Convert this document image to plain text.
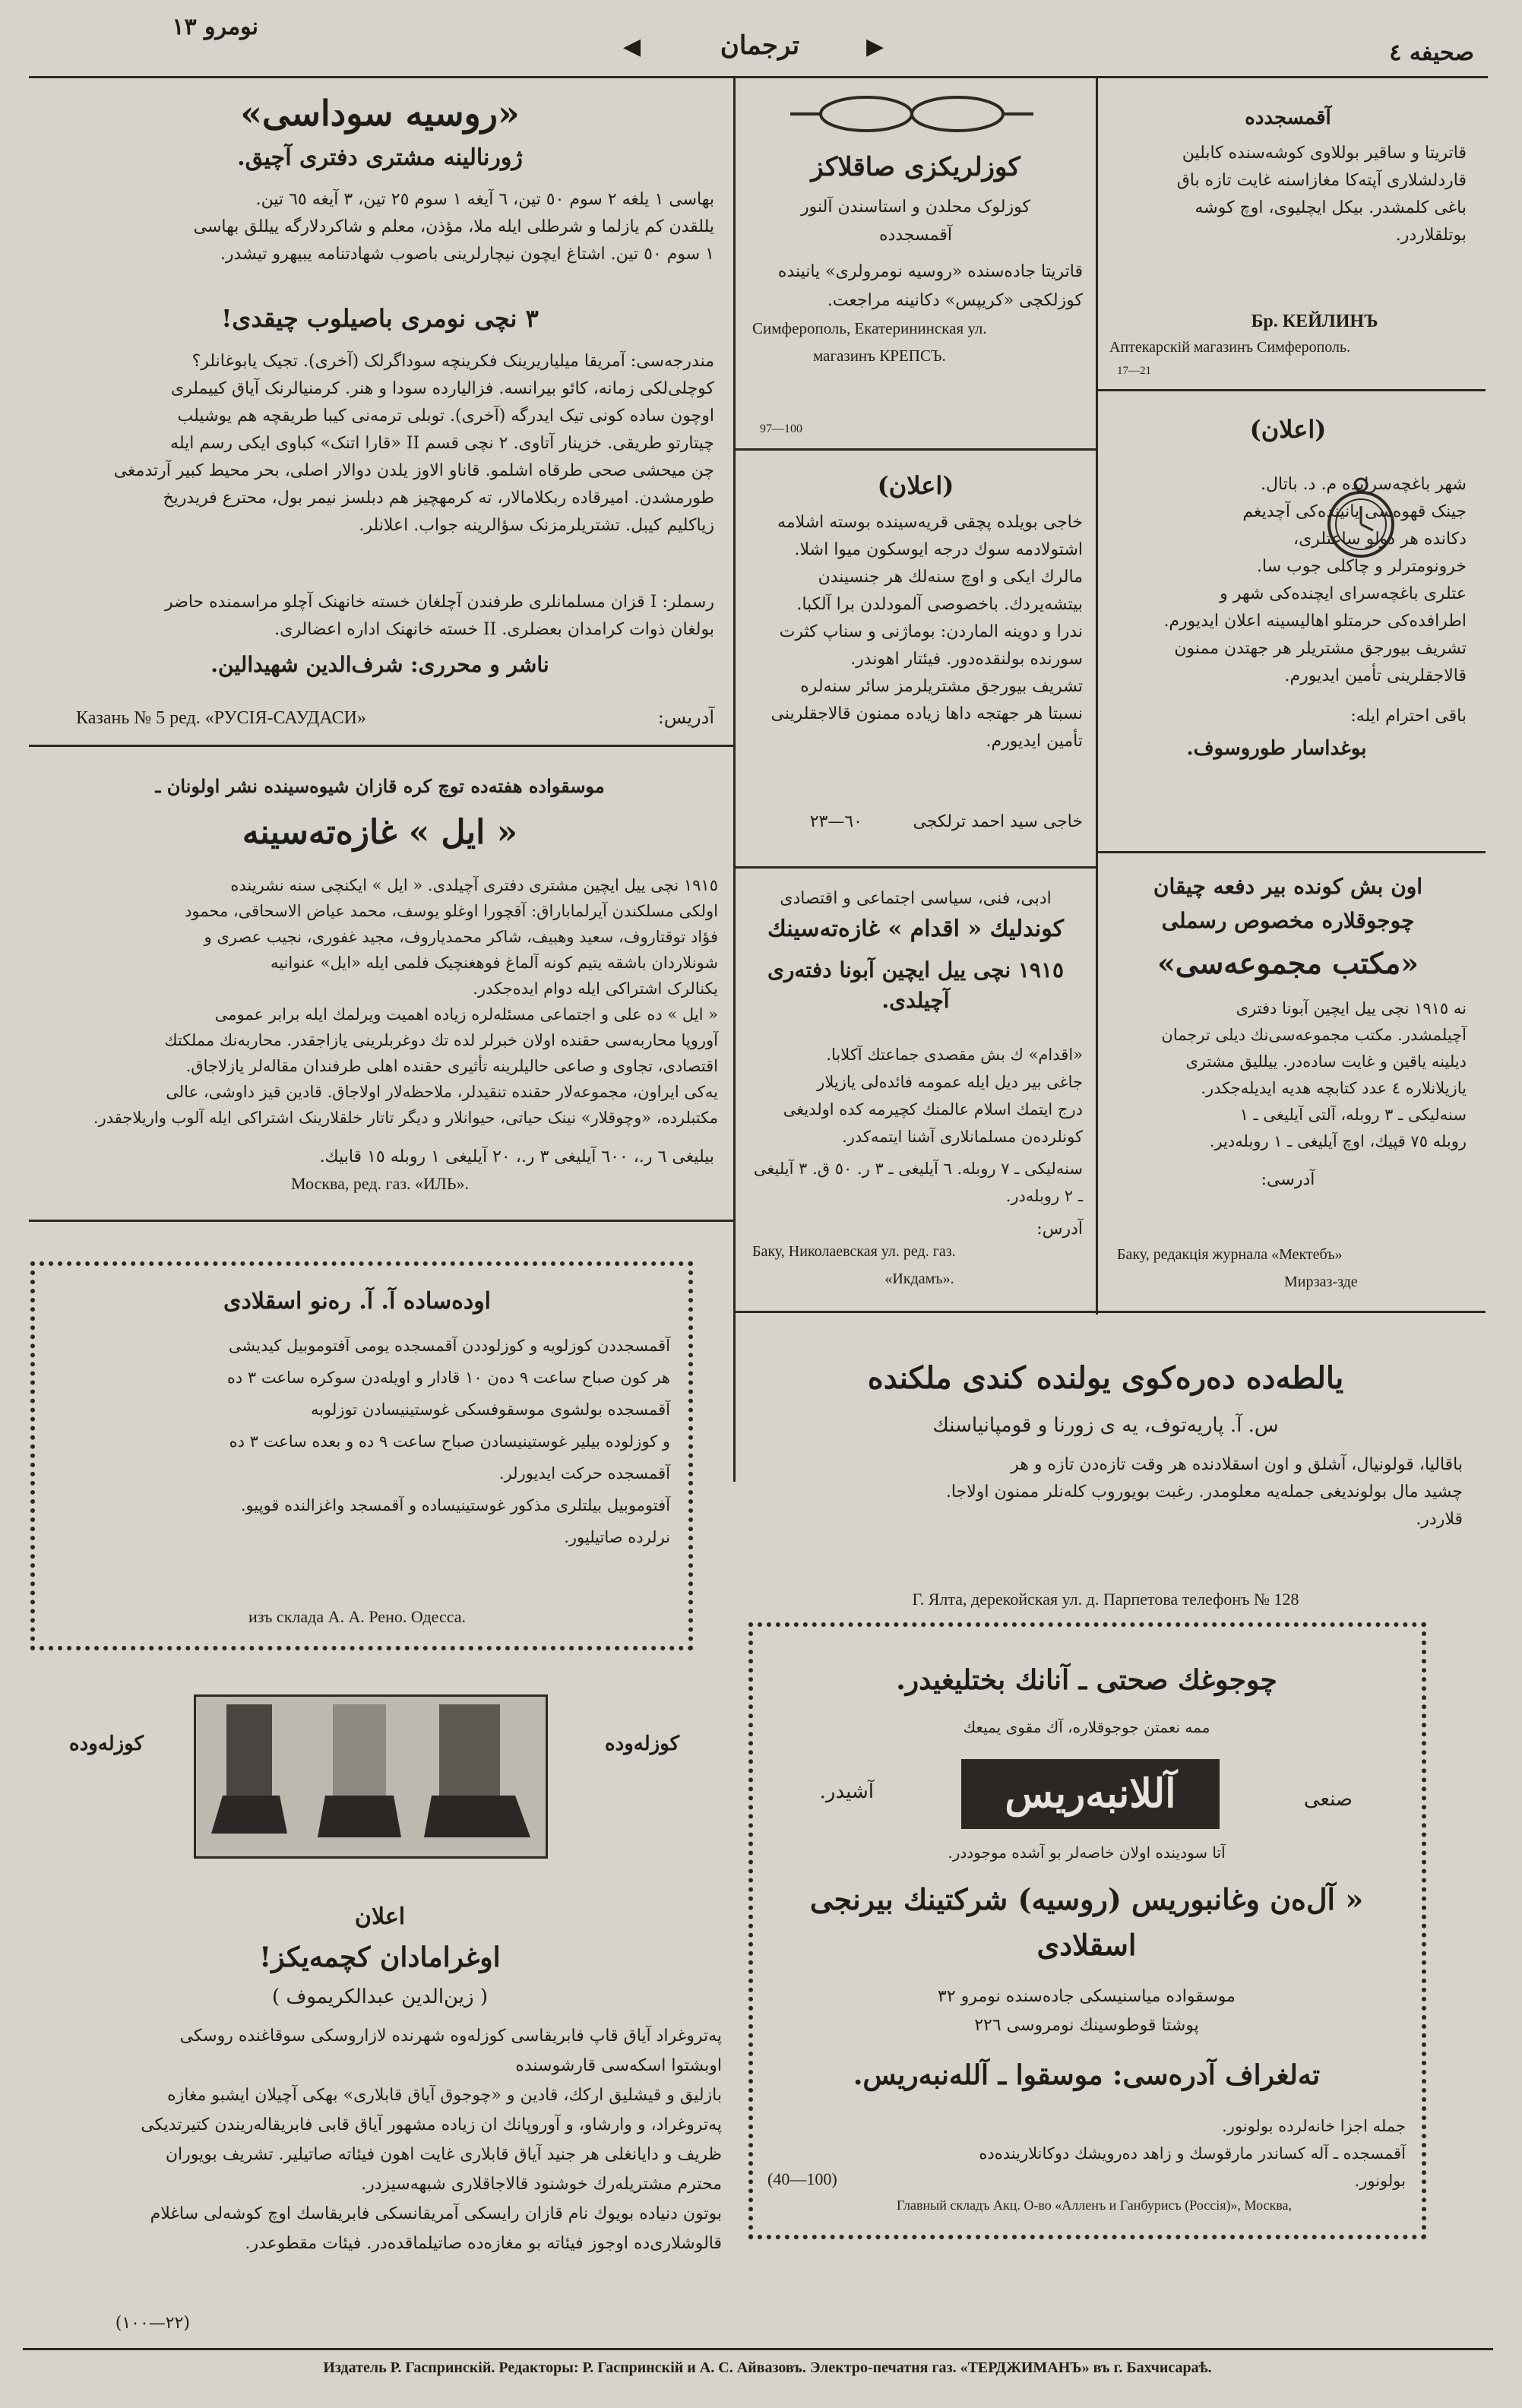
صحیفه ٤
ترجمان
◀	▶
نومرو ١٣
«روسیه سوداسی»
ژورنالینه مشتری دفتری آچیق.
بهاسی ١ یلغه ٢ سوم ٥٠ تین، ٦ آیغه ١ سوم ٢٥ تین، ٣ آیغه ٦٥ تین.
یللقدن کم یازلما و شرطلی ایله ملا، مؤذن، معلم و شاکردلارگه ییللق بهاسی
١ سوم ٥٠ تین. اشتاغ ایچون نیچارلرینی باصوب شهادتنامه یبیهرو تیشدر.
٣ نچی نومری باصیلوب چیقدی!
مندرجه‌سی: آمریقا میلیاریرینک فکرینچه سوداگرلک (آخری). تجیک یابوغانلر؟
کوچلی‌لکی زمانه، کائو بیرانسه. فزالیارده سودا و هنر. کرمنیالرنک آیاق کییملری
اوچون ساده کونی تیک ایدرگه (آخری). توبلی ترمه‌نی کیبا طریقچه هم یوشیلب
چیتارتو طریقی. خزینار آتاوی. ٢ نچی قسم II «قارا اتنک» کباوی ایکی رسم ایله
چن میحشی صحی طرقاه اشلمو. قاناو الاوز یلدن دوالار اصلی، بحر محیط کبیر آرتدمغی
طورمشدن. امیرقاده ربکلامالار، ته کرمهچیز هم دبلسز نیمر بول، محترع فریدریخ
زیاکلیم کیبل. تشتریلرمزنک سؤالرینه جواب. اعلانلر.
رسملر: I قزان مسلمانلری طرفندن آچلغان خسته خانهنک آچلو مراسمنده حاضر
بولغان ذوات کرامدان بعضلری. II خسته خانهنک اداره اعضالری.
ناشر و محرری: شرف‌الدین شهیدالین.
آدریس:
Казань № 5 ред. «РУСІЯ-САУДАСИ»
کوزلریکزی صاقلاکز
کوزلوک محلدن و استاسندن آلنور
آقمسجدده
قاتریتا جاده‌سنده «روسیه نومرولری» یانینده
کوزلکچی «کریپس» دکانینه مراجعت.
Симферополь, Екатерининская ул.
магазинъ КРЕПСЪ.
97—100
آقمسجدده
قاتریتا و ساقیر بوللاوی کوشه‌سنده کابلین
قاردلشلاری آپته‌کا مغازاسنه غایت تازه باق
باغی کلمشدر. بیکل ایچلیوی، اوچ کوشه
بوتلقلاردر.
Бр. КЕЙЛИНЪ
Аптекарскій магазинъ Симферополь.
17—21
(اعلان)
شهر باغچه‌سرایده م. د. باتال.
جینک قهوه‌سی یانینده‌کی آچدیغم
دکانده هر دولو ساعتلری،
خرونومترلر و چاکلی جوب سا.
عتلری باغچه‌سرای ایچنده‌کی شهر و
اطرافده‌کی حرمتلو اهالیسینه اعلان ایدیورم.
تشریف بیورجق مشتریلر هر جهتدن ممنون
قالاجقلرینی تأمین ایدیورم.
باقی احترام ایله:
بوغداسار طوروسوف.
(اعلان)
خاجی بویلده پچقی قریه‌سینده بوسته اشلامه
اشتولادمه سوك درجه ایوسکون میوا اشلا.
مالرك ایکی و اوچ سنه‌لك هر جنسیندن
بیتشه‌یردك. باخصوصی آلمودلدن برا آلکبا.
ندرا و دوینه الماردن: بوماژنی و سناپ کثرت
سورنده بولنقده‌دور. فیئتار اهوندر.
تشریف بیورجق مشتریلرمز سائر سنه‌لره
نسبتا هر جهتجه داها زیاده ممنون قالاجقلرینی
تأمین ایدیورم.
خاجی سید احمد ترلکجی
٦٠—٢٣
موسقواده هفته‌ده توچ کره قازان شیوه‌سینده نشر اولونان ـ
« ایل » غازه‌ته‌سینه
١٩١٥ نچی ییل ایچین مشتری دفتری آچیلدی. « ایل » ایکنچی سنه نشرینده
اولکی مسلکندن آیرلماباراق: آقچورا اوغلو یوسف، محمد عیاض الاسحاقی، محمود
فؤاد توقتاروف، سعید وهبیف، شاکر محمدیاروف، مجید غفوری، نجیب عصری و
شونلاردان باشقه یتیم کونه آلماغ فوهغنچیک فلمی ایله «ایل» عنوانیه
یکنالرک اشتراکی ایله دوام ایده‌جکدر.
« ایل » ده علی و اجتماعی مسئله‌لره زیاده اهمیت ویرلمك ایله برابر عمومی
آوروپا محاربه‌سی حقنده اولان خبرلر لده تك دوغربلرینی یازاجقدر. محاربه‌نك مملکتك
اقتصادی، تجاوی ﻭ صاعی حالیلرینه تأثیری حقنده اهلی طرفندان مقاله‌لر یازلاجاق.
یه‌کی ایراون، مجموعه‌لار حقنده تنقیدلر، ملاحظه‌لار اولاجاق. قادین قیز داوشی، عالی
مکتبلرده، «وچوقلار» نینک حیاتی، حیوانلار و دیگر تاتار خلقلارینک اشتراکی ایله آلوب واریلاجقدر.
بیلیغی ٦ ر.، ٦٠٠ آیلیغی ٣ ر.، ٢٠ آیلیغی ١ روبله ١٥ قابیك.
Москва, ред. газ. «ИЛЬ».
ادبی، فنی، سیاسی اجتماعی و اقتصادی
کوندلیك « اقدام » غازه‌ته‌سینك
١٩١٥ نچی ییل ایچین آبونا دفته‌ری
آچیلدی.
«اقدام» ك بش مقصدی جماعتك آكلابا.
جاغی بیر دیل ایله عمومه فائده‌لی یازیلار
درج ایتمك اسلام عالمنك کچیرمه کده اولدیغی
کونلرده‌ن مسلمانلاری آشنا ایتمه‌کدر.
سنه‌لیکی ـ ٧ روبله. ٦ آیلیغی ـ ٣ ر. ٥٠ ق. ٣ آیلیغی ـ ٢ روبله‌در.
آدرس:
Баку, Николаевская ул. ред. газ.
«Икдамъ».
اون بش کونده بیر دفعه چیقان
چوجوقلاره مخصوص رسملی
«مکتب مجموعه‌سی»
نه ١٩١٥ نچی ییل ایچین آبونا دفتری
آچیلمشدر. مکتب مجموعه‌سی‌نك دیلی ترجمان
دیلینه یاقین و غایت ساده‌در. ییللیق مشتری
یازیلانلاره ٤ عدد کتابچه هدیه ایدیله‌جکدر.
سنه‌لیکی ـ ٣ روبله، آلتی آیلیغی ـ ١
روبله ٧٥ قپیك، اوچ آیلیغی ـ ١ روبله‌دیر.
آدرسی:
Баку, редакція журнала «Мектебъ»
Мирзаз-зде
اوده‌ساده آ. آ. رەنو اسقلادی
آقمسجددن کوزلویه و کوزلوددن آقمسجده یومی آفتوموبیل کیدیشی
هر کون صباح ساعت ٩ دەن ١٠ قادار و اویلەدن سوکرە ساعت ٣ دە
آقمسجده بولشوی موسقوفسکی غوستینیسادن توزلوبه
و کوزلوده بیلیر غوستینیسادن صباح ساعت ٩ دە و بعده ساعت ٣ دە
آقمسجده حرکت ایدیورلر.
آفتوموبیل بیلتلری مذکور غوستینیساده و آقمسجد واغزالنده قوپیو.
نرلرده صاتیلیور.
изъ склада А. А. Рено. Одесса.
یالطه‌ده دەرەکوی یولنده کندی ملکنده
س. آ. پاریەتوف، یه ی زورنا و قومپانیاسنك
باقالیا، قولونیال، آشلق و اون اسقلادنده هر وقت تازه‌دن تازه و هر
چشید مال بولوندیغی جمله‌یه معلومدر. رغبت بویوروب کله‌نلر ممنون اولاجا.
قلاردر.
Г. Ялта, дерекойская ул. д. Парпетова телефонъ № 128
چوجوغك صحتی ـ آنانك بختلیغیدر.
ممه نعمتن جوجوقلاره، آك مقوی یمیعك
صنعی
آللانبەریس
آشیدر.
آتا سودینده اولان خاصه‌لر بو آشده موجوددر.
« آل‌ه‌ن وغانبوریس (روسیه) شرکتینك بیرنجی
اسقلادی
موسقواده میاسنیسکی جاده‌سنده نومرو ٣٢
پوشتا قوطوسینك نومروسی ٢٢٦
ته‌لغراف آدره‌سی: موسقوا ـ آلله‌نبه‌ریس.
جمله اجزا خانه‌لرده بولونور.
آقمسجده ـ آله کساندر مارقوسك و زاهد دەرویشك دوکانلارینده‌ده
بولونور.
(40—100)
Главный складъ Акц. О-во «Алленъ и Ганбурисъ (Россія)», Москва,
کوزلەوده
کوزلەوده
اعلان
اوغرامادان کچمەیکز!
( زین‌الدین عبدالکریموف )
پەتروغراد آیاق قاپ فابریقاسی کوزلەوە شهرنده لازاروسکی سوقاغنده روسکی
اوبشتوا اسکه‌سی قارشوسنده
بازلیق و قیشلیق ارکك، قادین و «چوجوق آیاق قابلاری» بهکی آچیلان ایشبو مغازه
پەتروغراد، و وارشاو، و آوروپانك ان زیاده مشهور آیاق قابی فابریقاله‌ریندن کتیرتدیکی
ظریف و دایانغلی هر جنید آیاق قابلاری غایت اهون فیئاته صاتیلیر. تشریف بویوران
محترم مشتریلەرك خوشنود قالاجاقلاری شبهه‌سیزدر.
بوتون دنیاده بویوك نام قازان رایسکی آمریقانسکی فابریقاسك اوچ کوشه‌لی ساغلام
قالوشلاری‌ده اوجوز فیئاته بو مغازه‌ده صاتیلماقده‌در. فیئات مقطوعدر.
(٢٢—١٠٠)
Издатель Р. Гаспринскій. Редакторы: Р. Гаспринскій и А. С. Айвазовъ. Электро-печатня газ. «ТЕРДЖИМАНЪ» въ г. Бахчисараѣ.
